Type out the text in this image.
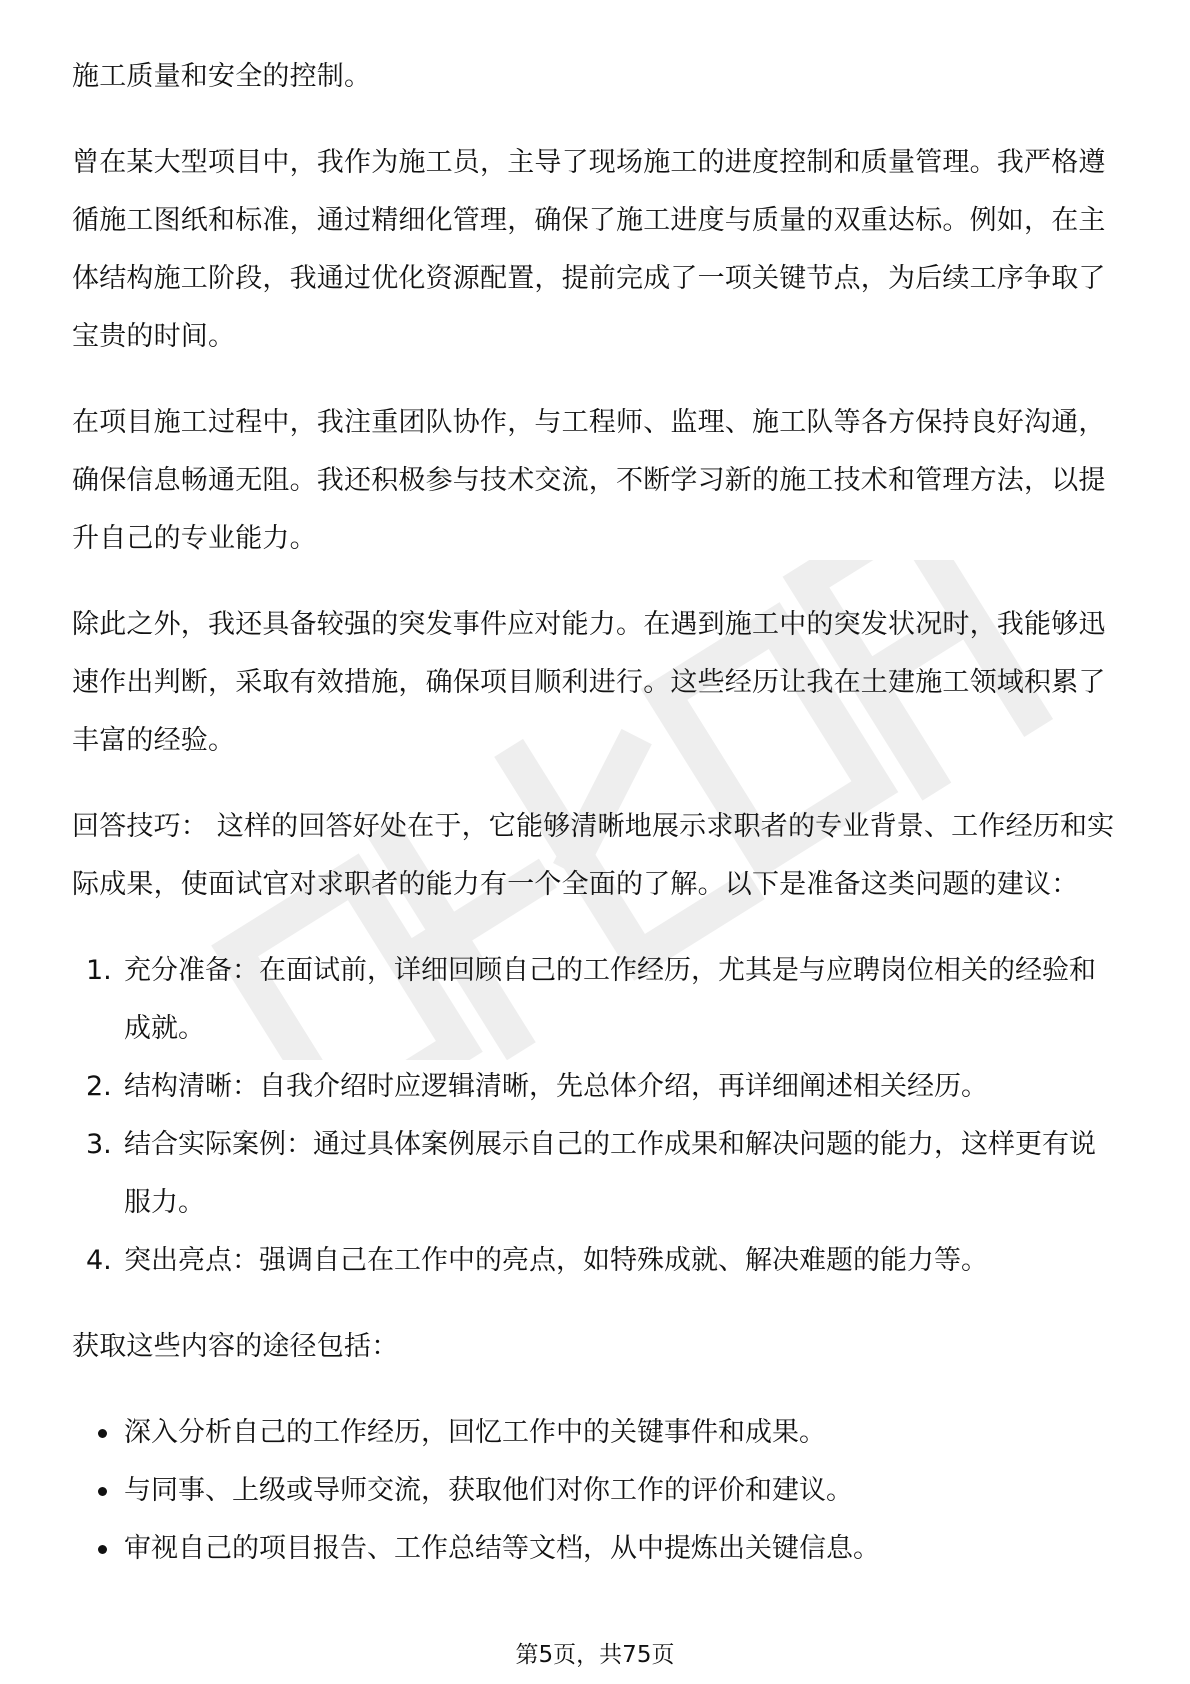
施工质量和安全的控制。

曾在某大型项目中，我作为施工员，主导了现场施工的进度控制和质量管理。我严格遵循施工图纸和标准，通过精细化管理，确保了施工进度与质量的双重达标。例如，在主体结构施工阶段，我通过优化资源配置，提前完成了一项关键节点，为后续工序争取了宝贵的时间。

在项目施工过程中，我注重团队协作，与工程师、监理、施工队等各方保持良好沟通，确保信息畅通无阻。我还积极参与技术交流，不断学习新的施工技术和管理方法，以提升自己的专业能力。

除此之外，我还具备较强的突发事件应对能力。在遇到施工中的突发状况时，我能够迅速作出判断，采取有效措施，确保项目顺利进行。这些经历让我在土建施工领域积累了丰富的经验。

回答技巧： 这样的回答好处在于，它能够清晰地展示求职者的专业背景、工作经历和实际成果，使面试官对求职者的能力有一个全面的了解。以下是准备这类问题的建议：

1. 充分准备：在面试前，详细回顾自己的工作经历，尤其是与应聘岗位相关的经验和成就。
2. 结构清晰：自我介绍时应逻辑清晰，先总体介绍，再详细阐述相关经历。
3. 结合实际案例：通过具体案例展示自己的工作成果和解决问题的能力，这样更有说服力。
4. 突出亮点：强调自己在工作中的亮点，如特殊成就、解决难题的能力等。

获取这些内容的途径包括：

深入分析自己的工作经历，回忆工作中的关键事件和成果。
与同事、上级或导师交流，获取他们对你工作的评价和建议。
审视自己的项目报告、工作总结等文档，从中提炼出关键信息。
第5页，共75页
